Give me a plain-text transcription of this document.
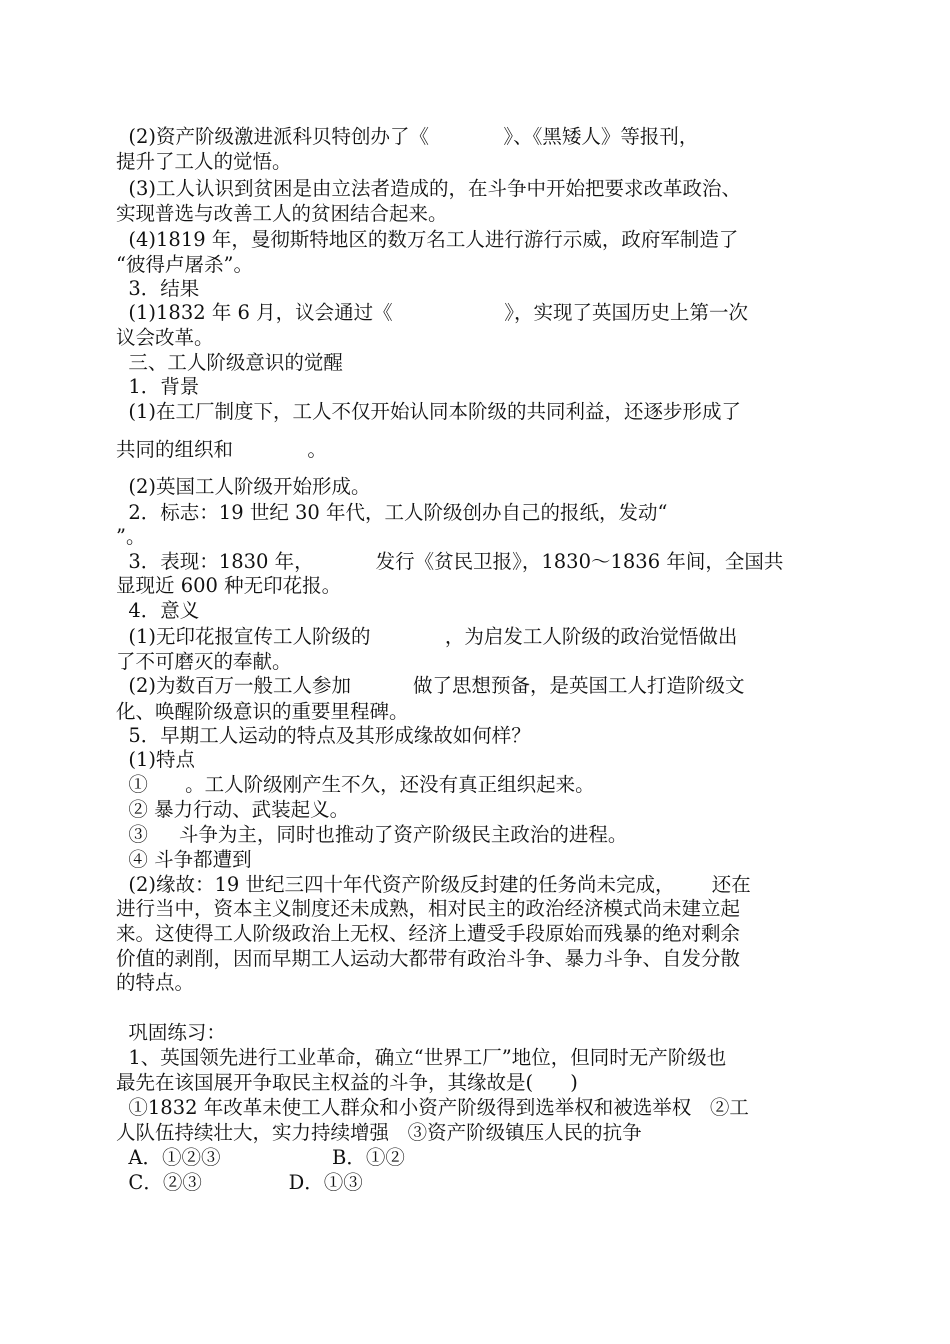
(2)资产阶级激进派科贝特创办了《            》、《黑矮人》等报刊，
提升了工人的觉悟。
(3)工人认识到贫困是由立法者造成的，在斗争中开始把要求改革政治、
实现普选与改善工人的贫困结合起来。
(4)1819 年，曼彻斯特地区的数万名工人进行游行示威，政府军制造了
“彼得卢屠杀”。
3．结果
(1)1832 年 6 月，议会通过《                  》，实现了英国历史上第一次
议会改革。
三、工人阶级意识的觉醒
1．背景
(1)在工厂制度下，工人不仅开始认同本阶级的共同利益，还逐步形成了
共同的组织和            。
(2)英国工人阶级开始形成。
2．标志：19 世纪 30 年代，工人阶级创办自己的报纸，发动“
”。
3．表现：1830 年，          发行《贫民卫报》，1830～1836 年间，全国共
显现近 600 种无印花报。
4．意义
(1)无印花报宣传工人阶级的            ，为启发工人阶级的政治觉悟做出
了不可磨灭的奉献。
(2)为数百万一般工人参加          做了思想预备，是英国工人打造阶级文
化、唤醒阶级意识的重要里程碑。
5．早期工人运动的特点及其形成缘故如何样？
(1)特点
①      。工人阶级刚产生不久，还没有真正组织起来。
② 暴力行动、武装起义。
③     斗争为主，同时也推动了资产阶级民主政治的进程。
④ 斗争都遭到
(2)缘故：19 世纪三四十年代资产阶级反封建的任务尚未完成，      还在
进行当中，资本主义制度还未成熟，相对民主的政治经济模式尚未建立起
来。这使得工人阶级政治上无权、经济上遭受手段原始而残暴的绝对剩余
价值的剥削，因而早期工人运动大都带有政治斗争、暴力斗争、自发分散
的特点。
巩固练习：
1、英国领先进行工业革命，确立“世界工厂”地位，但同时无产阶级也
最先在该国展开争取民主权益的斗争，其缘故是(      )
①1832 年改革未使工人群众和小资产阶级得到选举权和被选举权   ②工
人队伍持续壮大，实力持续增强   ③资产阶级镇压人民的抗争
A．①②③                  B．①②
C．②③              D．①③
